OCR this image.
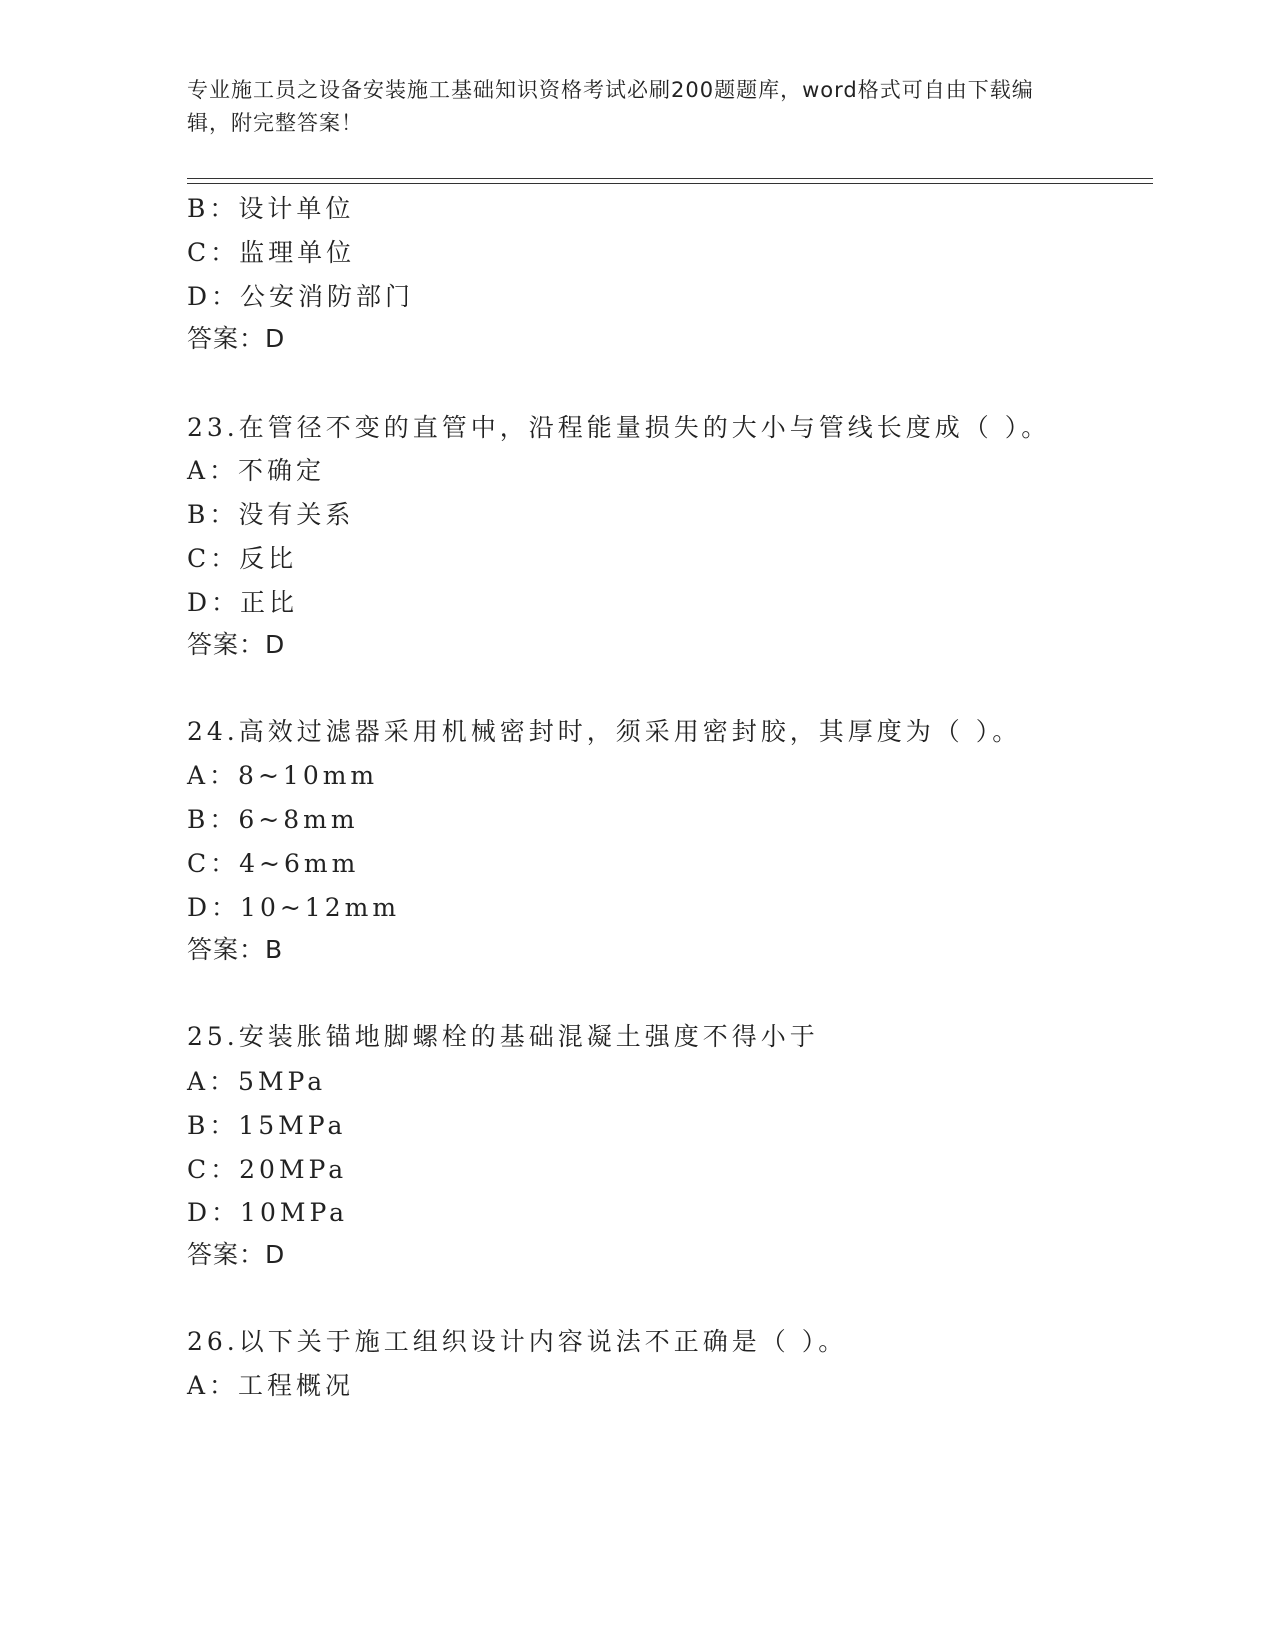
专业施工员之设备安装施工基础知识资格考试必刷200题题库，word格式可自由下载编辑，附完整答案！
B：设计单位
C：监理单位
D：公安消防部门
答案：D
23.在管径不变的直管中，沿程能量损失的大小与管线长度成（ ）。
A：不确定
B：没有关系
C：反比
D：正比
答案：D
24.高效过滤器采用机械密封时，须采用密封胶，其厚度为（ ）。
A：8~10mm
B：6~8mm
C：4~6mm
D：10~12mm
答案：B
25.安装胀锚地脚螺栓的基础混凝土强度不得小于
A：5MPa
B：15MPa
C：20MPa
D：10MPa
答案：D
26.以下关于施工组织设计内容说法不正确是（ ）。
A：工程概况
